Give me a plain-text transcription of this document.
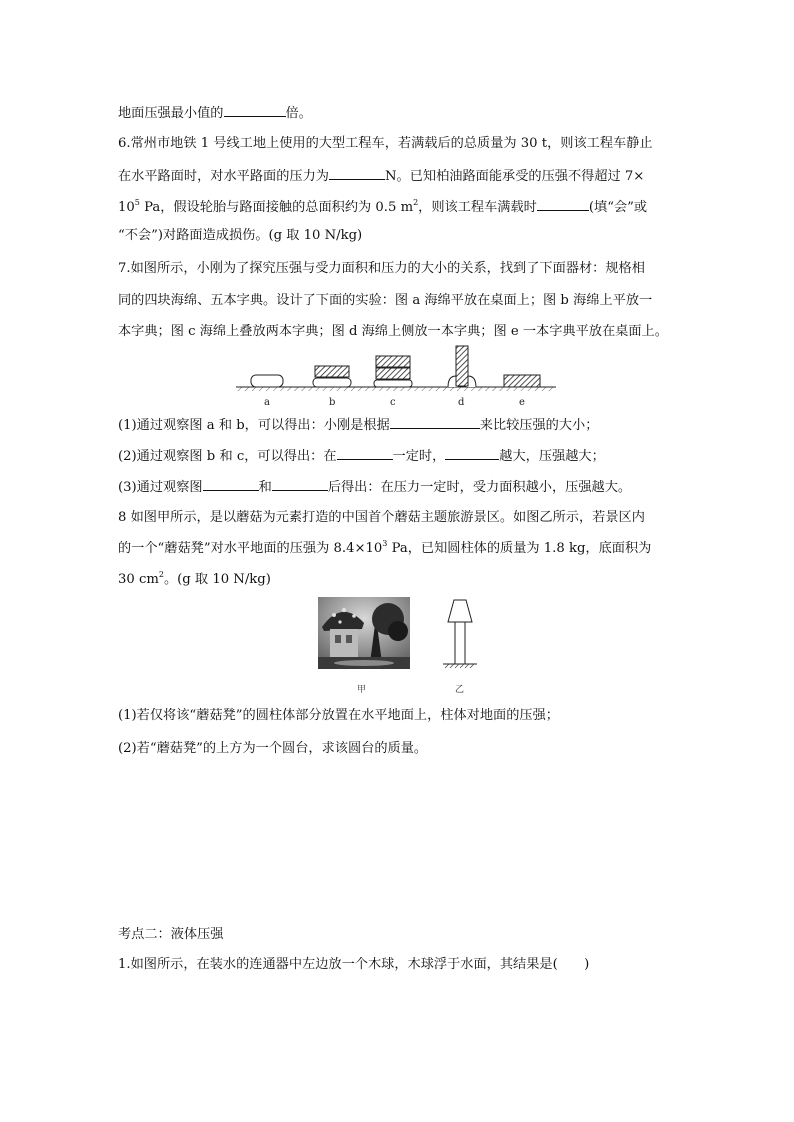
地面压强最小值的	倍。
6.常州市地铁 1 号线工地上使用的大型工程车，若满载后的总质量为 30 t，则该工程车静止
在水平路面时，对水平路面的压力为	N。已知柏油路面能承受的压强不得超过 7×
$10^5$ Pa，假设轮胎与路面接触的总面积约为 0.5 $m^2$，则该工程车满载时	(填“会”或
“不会”)对路面造成损伤。(g 取 10 N/kg)
7.如图所示，小刚为了探究压强与受力面积和压力的大小的关系，找到了下面器材：规格相
同的四块海绵、五本字典。设计了下面的实验：图 a 海绵平放在桌面上；图 b 海绵上平放一
本字典；图 c 海绵上叠放两本字典；图 d 海绵上侧放一本字典；图 e 一本字典平放在桌面上。
a	b	c	d	e
(1)通过观察图 a 和 b，可以得出：小刚是根据	来比较压强的大小；
(2)通过观察图 b 和 c，可以得出：在	一定时，	越大，压强越大；
(3)通过观察图	和	后得出：在压力一定时，受力面积越小，压强越大。
8 如图甲所示，是以蘑菇为元素打造的中国首个蘑菇主题旅游景区。如图乙所示，若景区内
的一个“蘑菇凳”对水平地面的压强为 $8.4\times 10^3$ Pa，已知圆柱体的质量为 1.8 kg，底面积为
30 $cm^2$。(g 取 10 N/kg)
甲	乙
(1)若仅将该“蘑菇凳”的圆柱体部分放置在水平地面上，柱体对地面的压强；
(2)若“蘑菇凳”的上方为一个圆台，求该圆台的质量。
考点二：液体压强
1.如图所示，在装水的连通器中左边放一个木球，木球浮于水面，其结果是(　　)
